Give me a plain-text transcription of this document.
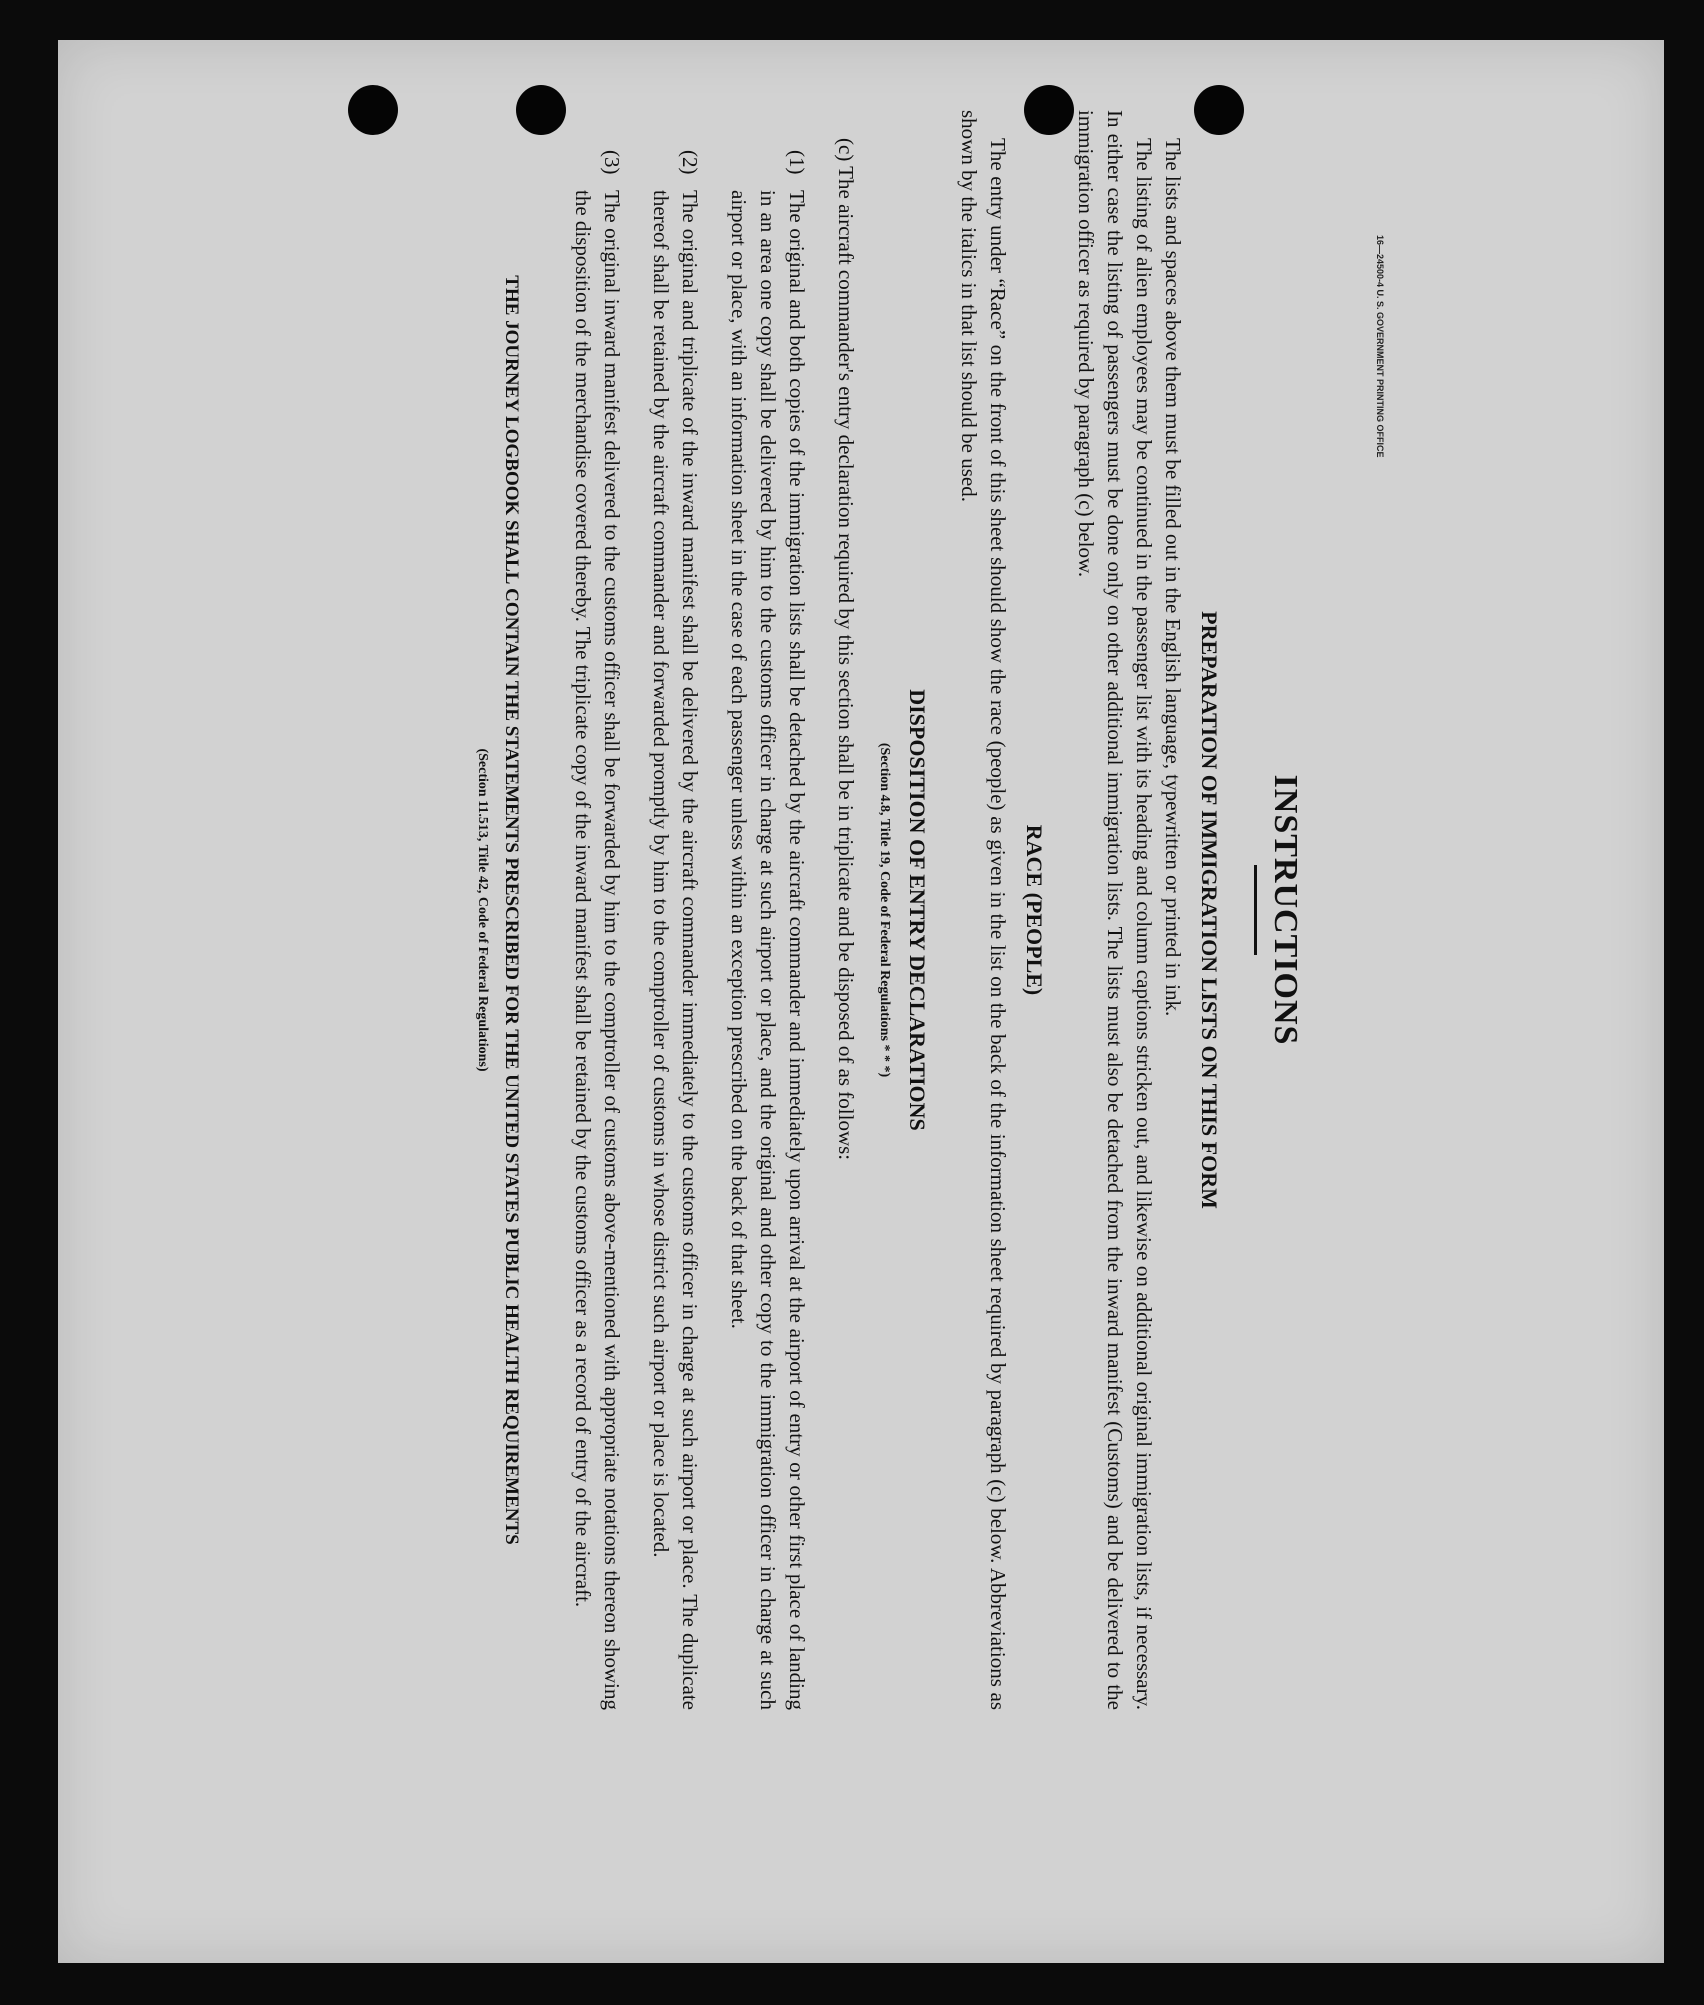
INSTRUCTIONS
PREPARATION OF IMMIGRATION LISTS ON THIS FORM

The lists and spaces above them must be filled out in the English language, typewritten or printed in ink.

The listing of alien employees may be continued in the passenger list with its heading and column captions stricken out, and likewise on additional original immigration lists, if necessary. In either case the listing of passengers must be done only on other additional immigration lists. The lists must also be detached from the inward manifest (Customs) and be delivered to the immigration officer as required by paragraph (c) below.

RACE (PEOPLE)

The entry under “Race” on the front of this sheet should show the race (people) as given in the list on the back of the information sheet required by paragraph (c) below. Abbreviations as shown by the italics in that list should be used.

DISPOSITION OF ENTRY DECLARATIONS
(Section 4.8, Title 19, Code of Federal Regulations * * *)

(c) The aircraft commander's entry declaration required by this section shall be in triplicate and be disposed of as follows:

(1)
The original and both copies of the immigration lists shall be detached by the aircraft commander and immediately upon arrival at the airport of entry or other first place of landing in an area one copy shall be delivered by him to the customs officer in charge at such airport or place, and the original and other copy to the immigration officer in charge at such airport or place, with an information sheet in the case of each passenger unless within an exception prescribed on the back of that sheet.
(2)
The original and triplicate of the inward manifest shall be delivered by the aircraft commander immediately to the customs officer in charge at such airport or place. The duplicate thereof shall be retained by the aircraft commander and forwarded promptly by him to the comptroller of customs in whose district such airport or place is located.
(3)
The original inward manifest delivered to the customs officer shall be forwarded by him to the comptroller of customs above-mentioned with appropriate notations thereon showing the disposition of the merchandise covered thereby. The triplicate copy of the inward manifest shall be retained by the customs officer as a record of entry of the aircraft.
THE JOURNEY LOGBOOK SHALL CONTAIN THE STATEMENTS PRESCRIBED FOR THE UNITED STATES PUBLIC HEALTH REQUIREMENTS
(Section 11.513, Title 42, Code of Federal Regulations)
16—24500-4 U. S. GOVERNMENT PRINTING OFFICE
